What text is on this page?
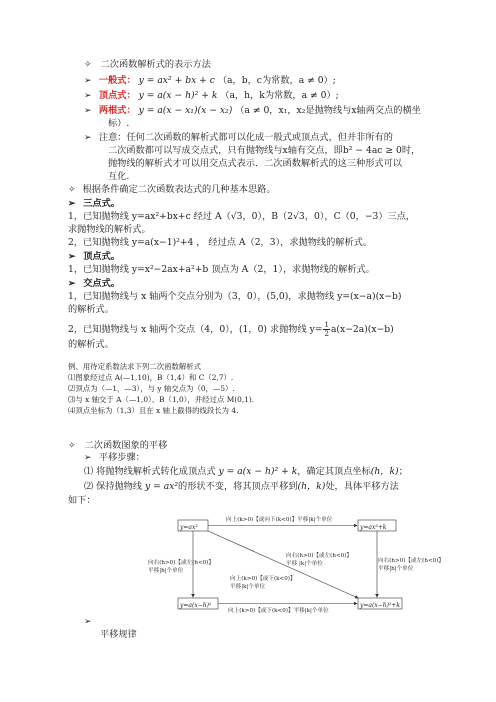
✧ 二次函数解析式的表示方法
➢ 一般式： y = ax² + bx + c （a，b，c为常数，a ≠ 0）;
➢ 顶点式： y = a(x − h)² + k （a，h，k为常数，a ≠ 0）;
➢ 两根式： y = a(x − x₁)(x − x₂) （a ≠ 0，x₁，x₂是抛物线与x轴两交点的横坐
标）.
➢ 注意：任何二次函数的解析式都可以化成一般式或顶点式，但并非所有的
二次函数都可以写成交点式，只有抛物线与x轴有交点，即b² − 4ac ≥ 0时，
抛物线的解析式才可以用交点式表示．二次函数解析式的这三种形式可以
互化.
✧ 根据条件确定二次函数表达式的几种基本思路。
➢ 三点式。
1，已知抛物线 y=ax²+bx+c 经过 A（√3，0），B（2√3，0），C（0，−3）三点，
求抛物线的解析式。
2，已知抛物线 y=a(x−1)²+4 ， 经过点 A（2，3），求抛物线的解析式。
➢ 顶点式。
1，已知抛物线 y=x²−2ax+a²+b 顶点为 A（2，1），求抛物线的解析式。
➢ 交点式。
1，已知抛物线与 x 轴两个交点分别为（3，0），(5,0)，求抛物线 y=(x−a)(x−b)
的解析式。
2，已知抛物线与 x 轴两个交点（4，0），(1，0) 求抛物线 $y= \frac{1}{2} a(x-2a)(x-b)$
的解析式。
例、用待定系数法求下列二次函数解析式
⑴图象经过点 A(—1,10)，B（1,4）和 C（2,7）.
⑵顶点为（—1，—3），与 y 轴交点为（0，—5）.
⑶与 x 轴交于 A（—1,0）、B（1,0），并经过点 M(0,1).
⑷顶点坐标为（1,3）且在 x 轴上截得的线段长为 4.
✧ 二次函数图象的平移
➢ 平移步骤：
⑴ 将抛物线解析式转化成顶点式 y = a(x − h)² + k，确定其顶点坐标(h，k)；
⑵ 保持抛物线 y = ax²的形状不变，将其顶点平移到(h，k)处，具体平移方法
如下：
y=ax²	y=ax²+k
y=a(x−h)²	y=a(x−h)²+k
向上(k>0)【或向下(k<0)】平移|k|个单位
向上(k>0)【或下(k<0)】平移|k|个单位
向右(h>0)【或左(h<0)】
平移|h|个单位
向右(h>0)【或左(h<0)】
平移|h|个单位
向右(h>0)【或左(h<0)】
平移 |k|个单位
向上(k>0)【或下(k<0)】
平移|k|个单位
➢
平移规律
